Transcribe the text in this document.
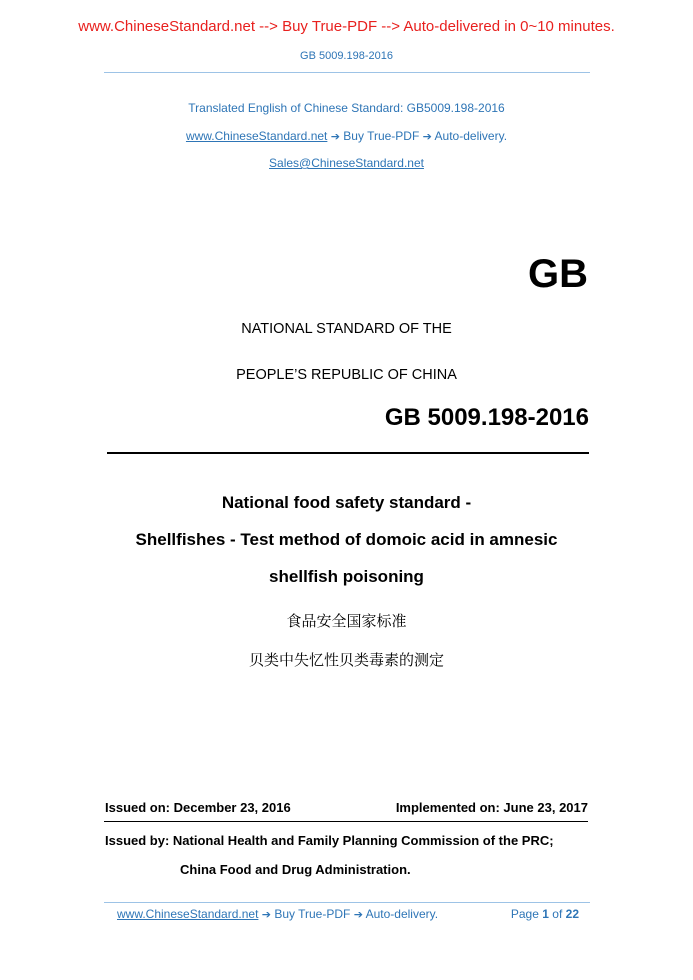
www.ChineseStandard.net --> Buy True-PDF --> Auto-delivered in 0~10 minutes.
GB 5009.198-2016
Translated English of Chinese Standard: GB5009.198-2016
www.ChineseStandard.net ➔ Buy True-PDF ➔ Auto-delivery.
Sales@ChineseStandard.net
GB
NATIONAL STANDARD OF THE
PEOPLE’S REPUBLIC OF CHINA
GB 5009.198-2016
National food safety standard -
Shellfishes - Test method of domoic acid in amnesic
shellfish poisoning
食品安全国家标准
贝类中失忆性贝类毒素的测定
Issued on: December 23, 2016	Implemented on: June 23, 2017
Issued by: National Health and Family Planning Commission of the PRC;
China Food and Drug Administration.
www.ChineseStandard.net ➔ Buy True-PDF ➔ Auto-delivery.	Page 1 of 22
